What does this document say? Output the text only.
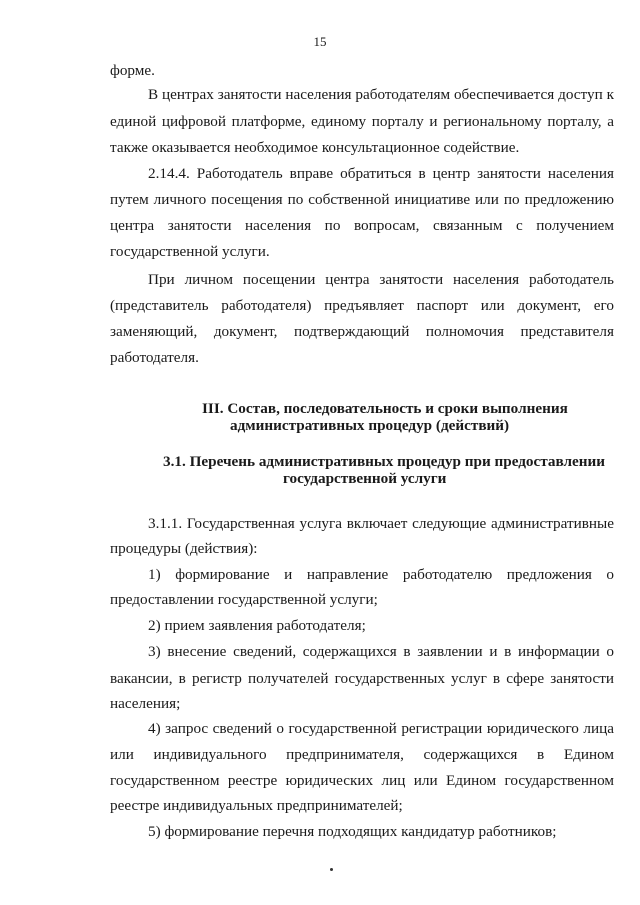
15
форме.
В центрах занятости населения работодателям обеспечивается доступ к
единой цифровой платформе, единому порталу и региональному порталу, а
также оказывается необходимое консультационное содействие.
2.14.4. Работодатель вправе обратиться в центр занятости населения
путем личного посещения по собственной инициативе или по предложению
центра занятости населения по вопросам, связанным с получением
государственной услуги.
При личном посещении центра занятости населения работодатель
(представитель работодателя) предъявляет паспорт или документ, его
заменяющий, документ, подтверждающий полномочия представителя
работодателя.
III. Состав, последовательность и сроки выполнения
административных процедур (действий)
3.1. Перечень административных процедур при предоставлении
государственной услуги
3.1.1. Государственная услуга включает следующие административные
процедуры (действия):
1) формирование и направление работодателю предложения о
предоставлении государственной услуги;
2) прием заявления работодателя;
3) внесение сведений, содержащихся в заявлении и в информации о
вакансии, в регистр получателей государственных услуг в сфере занятости
населения;
4) запрос сведений о государственной регистрации юридического лица
или индивидуального предпринимателя, содержащихся в Едином
государственном реестре юридических лиц или Едином государственном
реестре индивидуальных предпринимателей;
5) формирование перечня подходящих кандидатур работников;
